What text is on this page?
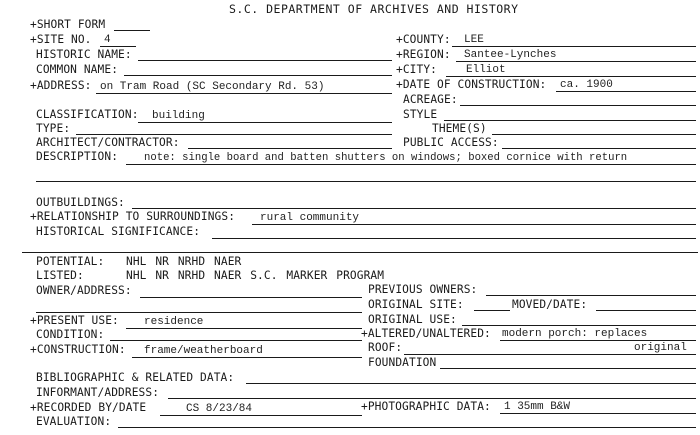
S.C. DEPARTMENT OF ARCHIVES AND HISTORY
+SHORT FORM
+SITE NO. 4	+COUNTY: LEE
HISTORIC NAME:	+REGION: Santee-Lynches
COMMON NAME:	+CITY:	Elliot
+ADDRESS: on Tram Road (SC Secondary Rd. 53)	+DATE OF CONSTRUCTION: ca. 1900
ACREAGE:
CLASSIFICATION: building	STYLE
TYPE:	THEME(S)
ARCHITECT/CONTRACTOR:	PUBLIC ACCESS:
DESCRIPTION: note: single board and batten shutters on windows; boxed cornice with return
OUTBUILDINGS:
+RELATIONSHIP TO SURROUNDINGS: rural community
HISTORICAL SIGNIFICANCE:
POTENTIAL: NHL NR NRHD NAER
LISTED:	NHL NR NRHD NAER S.C. MARKER PROGRAM
OWNER/ADDRESS:	PREVIOUS OWNERS:
ORIGINAL SITE:	MOVED/DATE:
+PRESENT USE: residence	ORIGINAL USE:
CONDITION:	+ALTERED/UNALTERED: modern porch: replaces
+CONSTRUCTION: frame/weatherboard	ROOF:	original
FOUNDATION
BIBLIOGRAPHIC & RELATED DATA:
INFORMANT/ADDRESS:
+RECORDED BY/DATE	CS 8/23/84	+PHOTOGRAPHIC DATA: 1 35mm B&W
EVALUATION:
